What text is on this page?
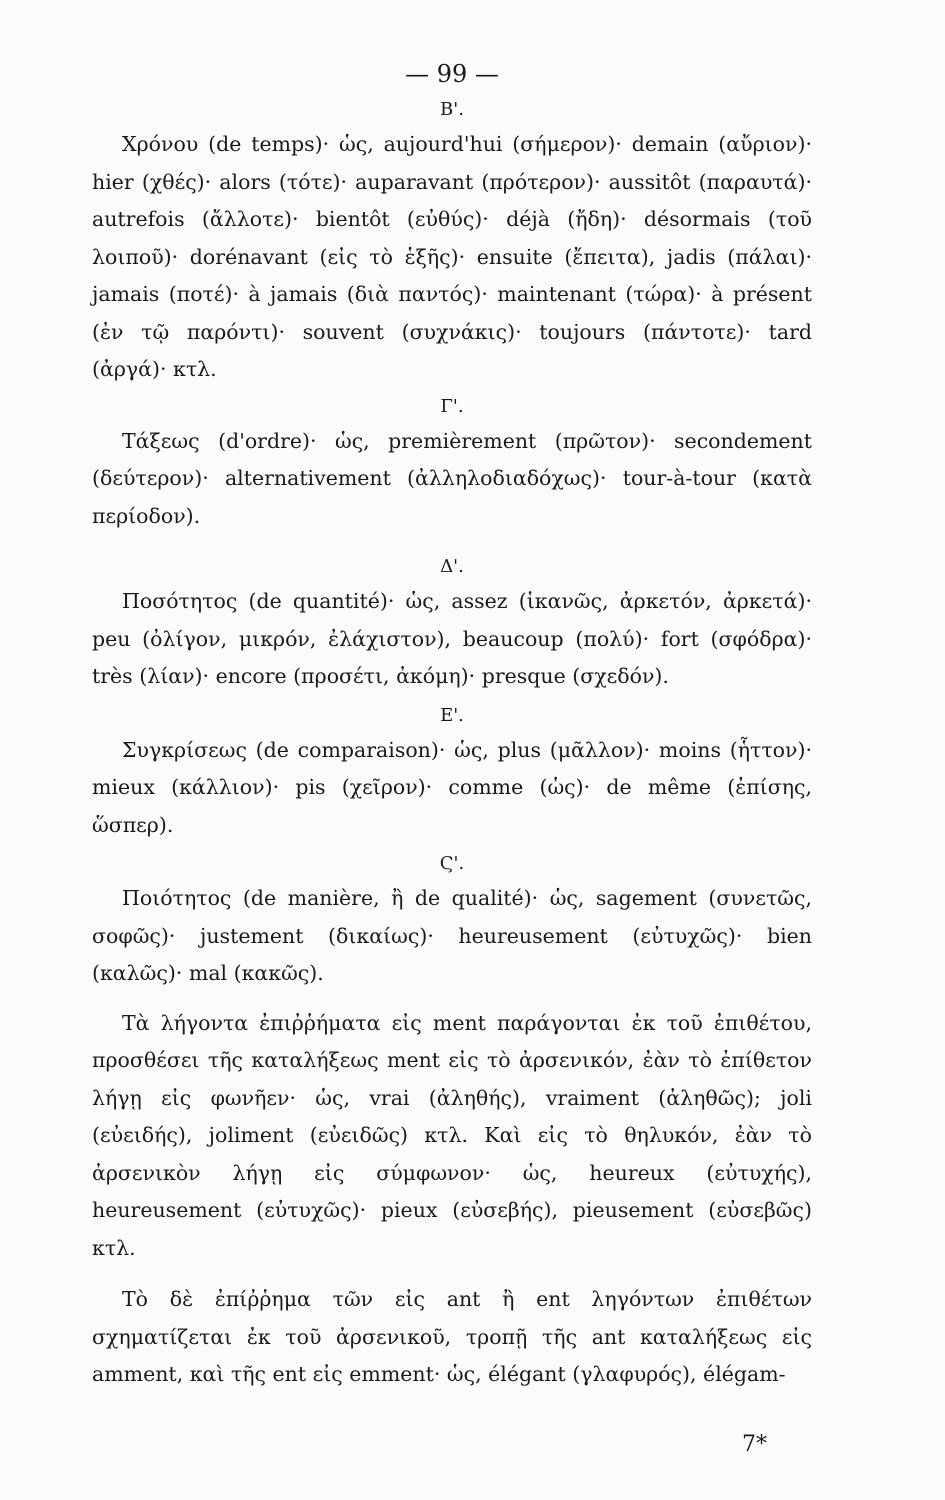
— 99 —
Β'.

Χρόνου (de temps)· ὡς, aujourd'hui (σήμερον)· demain (αὔριον)· hier (χθές)· alors (τότε)· auparavant (πρότερον)· aussitôt (παραυτά)· autrefois (ἄλλοτε)· bientôt (εὐθύς)· déjà (ἤδη)· désormais (τοῦ λοιποῦ)· dorénavant (εἰς τὸ ἑξῆς)· ensuite (ἔπειτα), jadis (πάλαι)· jamais (ποτέ)· à jamais (διὰ παντός)· maintenant (τώρα)· à présent (ἐν τῷ παρόντι)· souvent (συχνάκις)· toujours (πάντοτε)· tard (ἀργά)· κτλ.

Γ'.

Τάξεως (d'ordre)· ὡς, premièrement (πρῶτον)· secondement (δεύτερον)· alternativement (ἀλληλοδιαδόχως)· tour-à-tour (κατὰ περίοδον).

Δ'.

Ποσότητος (de quantité)· ὡς, assez (ἱκανῶς, ἀρκετόν, ἀρκετά)· peu (ὀλίγον, μικρόν, ἐλάχιστον), beaucoup (πολύ)· fort (σφόδρα)· très (λίαν)· encore (προσέτι, ἀκόμη)· presque (σχεδόν).

Ε'.

Συγκρίσεως (de comparaison)· ὡς, plus (μᾶλλον)· moins (ἧττον)· mieux (κάλλιον)· pis (χεῖρον)· comme (ὡς)· de même (ἐπίσης, ὥσπερ).

Ϛ'.

Ποιότητος (de manière, ἢ de qualité)· ὡς, sagement (συνετῶς, σοφῶς)· justement (δικαίως)· heureusement (εὐτυχῶς)· bien (καλῶς)· mal (κακῶς).

Τὰ λήγοντα ἐπιῤῥήματα εἰς ment παράγονται ἐκ τοῦ ἐπιθέτου, προσθέσει τῆς καταλήξεως ment εἰς τὸ ἀρσενικόν, ἐὰν τὸ ἐπίθετον λήγῃ εἰς φωνῆεν· ὡς, vrai (ἀληθής), vraiment (ἀληθῶς); joli (εὐειδής), joliment (εὐειδῶς) κτλ. Καὶ εἰς τὸ θηλυκόν, ἐὰν τὸ ἀρσενικὸν λήγῃ εἰς σύμφωνον· ὡς, heureux (εὐτυχής), heureusement (εὐτυχῶς)· pieux (εὐσεβής), pieusement (εὐσεβῶς) κτλ.

Τὸ δὲ ἐπίῤῥημα τῶν εἰς ant ἢ ent ληγόντων ἐπιθέτων σχηματίζεται ἐκ τοῦ ἀρσενικοῦ, τροπῇ τῆς ant καταλήξεως εἰς amment, καὶ τῆς ent εἰς emment· ὡς, élégant (γλαφυρός), élégam-

7*
